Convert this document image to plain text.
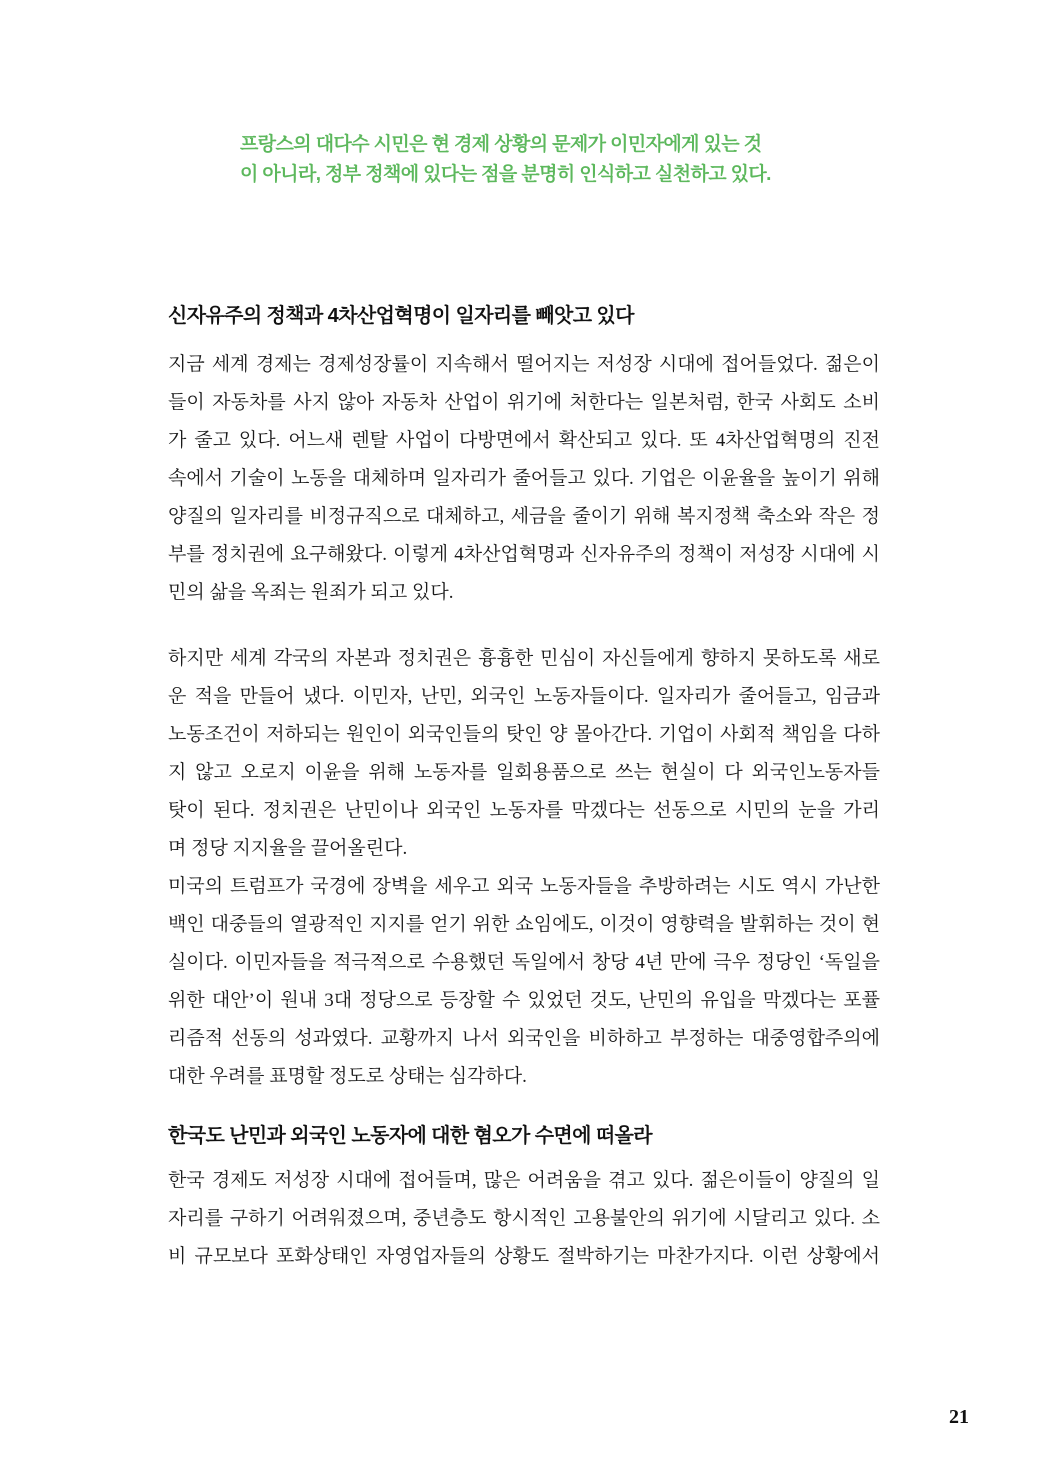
프랑스의 대다수 시민은 현 경제 상황의 문제가 이민자에게 있는 것
이 아니라, 정부 정책에 있다는 점을 분명히 인식하고 실천하고 있다.
신자유주의 정책과 4차산업혁명이 일자리를 빼앗고 있다
지금 세계 경제는 경제성장률이 지속해서 떨어지는 저성장 시대에 접어들었다. 젊은이
들이 자동차를 사지 않아 자동차 산업이 위기에 처한다는 일본처럼, 한국 사회도 소비
가 줄고 있다. 어느새 렌탈 사업이 다방면에서 확산되고 있다. 또 4차산업혁명의 진전
속에서 기술이 노동을 대체하며 일자리가 줄어들고 있다. 기업은 이윤율을 높이기 위해
양질의 일자리를 비정규직으로 대체하고, 세금을 줄이기 위해 복지정책 축소와 작은 정
부를 정치권에 요구해왔다. 이렇게 4차산업혁명과 신자유주의 정책이 저성장 시대에 시
민의 삶을 옥죄는 원죄가 되고 있다.
하지만 세계 각국의 자본과 정치권은 흉흉한 민심이 자신들에게 향하지 못하도록 새로
운 적을 만들어 냈다. 이민자, 난민, 외국인 노동자들이다. 일자리가 줄어들고, 임금과
노동조건이 저하되는 원인이 외국인들의 탓인 양 몰아간다. 기업이 사회적 책임을 다하
지 않고 오로지 이윤을 위해 노동자를 일회용품으로 쓰는 현실이 다 외국인노동자들
탓이 된다. 정치권은 난민이나 외국인 노동자를 막겠다는 선동으로 시민의 눈을 가리
며 정당 지지율을 끌어올린다.
미국의 트럼프가 국경에 장벽을 세우고 외국 노동자들을 추방하려는 시도 역시 가난한
백인 대중들의 열광적인 지지를 얻기 위한 쇼임에도, 이것이 영향력을 발휘하는 것이 현
실이다. 이민자들을 적극적으로 수용했던 독일에서 창당 4년 만에 극우 정당인 ‘독일을
위한 대안’이 원내 3대 정당으로 등장할 수 있었던 것도, 난민의 유입을 막겠다는 포퓰
리즘적 선동의 성과였다. 교황까지 나서 외국인을 비하하고 부정하는 대중영합주의에
대한 우려를 표명할 정도로 상태는 심각하다.
한국도 난민과 외국인 노동자에 대한 혐오가 수면에 떠올라
한국 경제도 저성장 시대에 접어들며, 많은 어려움을 겪고 있다. 젊은이들이 양질의 일
자리를 구하기 어려워졌으며, 중년층도 항시적인 고용불안의 위기에 시달리고 있다. 소
비 규모보다 포화상태인 자영업자들의 상황도 절박하기는 마찬가지다. 이런 상황에서
21
